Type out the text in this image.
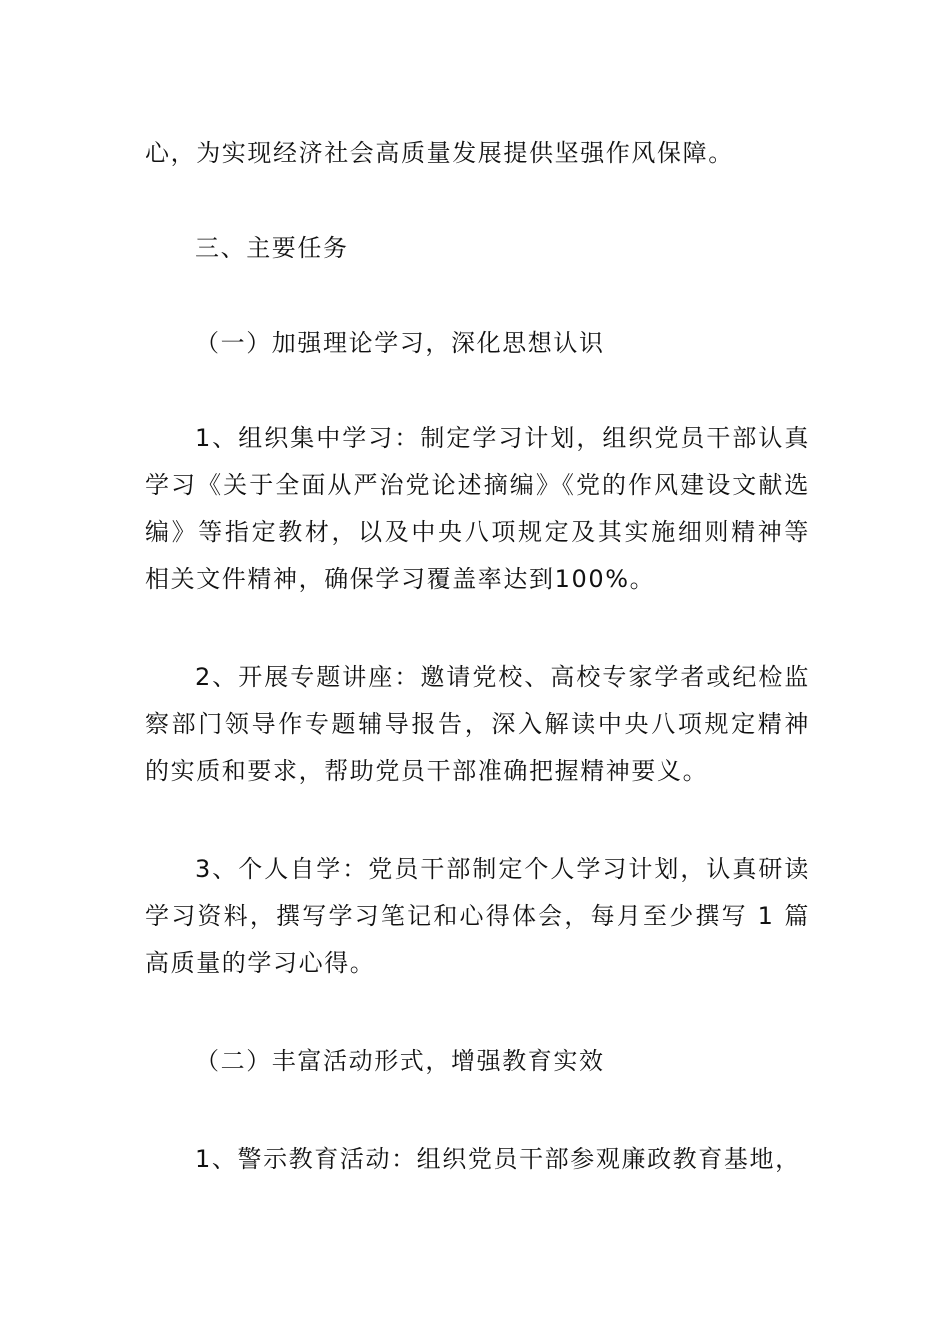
心，为实现经济社会高质量发展提供坚强作风保障。

三、主要任务

（一）加强理论学习，深化思想认识

1、组织集中学习：制定学习计划，组织党员干部认真学习《关于全面从严治党论述摘编》《党的作风建设文献选编》等指定教材，以及中央八项规定及其实施细则精神等相关文件精神，确保学习覆盖率达到100%。

2、开展专题讲座：邀请党校、高校专家学者或纪检监察部门领导作专题辅导报告，深入解读中央八项规定精神的实质和要求，帮助党员干部准确把握精神要义。

3、个人自学：党员干部制定个人学习计划，认真研读学习资料，撰写学习笔记和心得体会，每月至少撰写 1 篇高质量的学习心得。

（二）丰富活动形式，增强教育实效

1、警示教育活动：组织党员干部参观廉政教育基地，
